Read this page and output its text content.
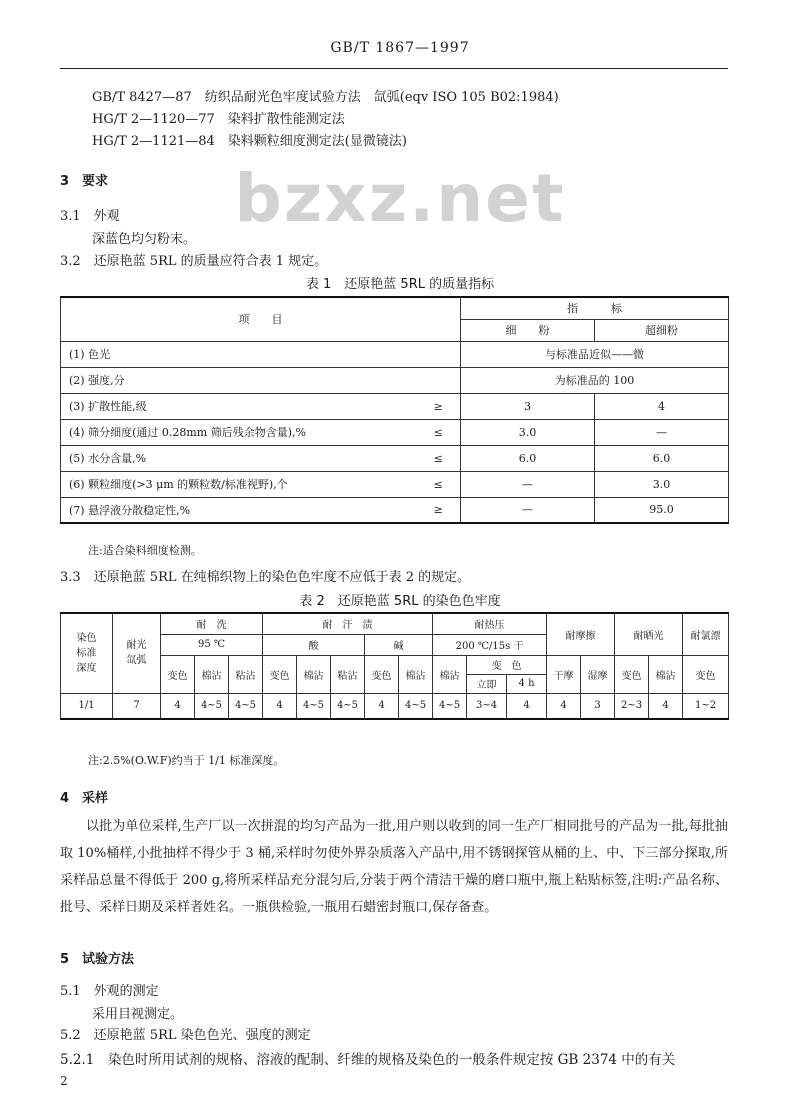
GB/T 1867—1997
GB/T 8427—87　纺织品耐光色牢度试验方法　氙弧(eqv ISO 105 B02:1984)
HG/T 2—1120—77　染料扩散性能测定法
HG/T 2—1121—84　染料颗粒细度测定法(显微镜法)
bzxz.net
3　要求
3.1　外观
深蓝色均匀粉末。
3.2　还原艳蓝 5RL 的质量应符合表 1 规定。
表 1　还原艳蓝 5RL 的质量指标
项　　目		指　　　标	
		细　　粉	超细粉
(1) 色光		与标准品近似——微	
(2) 强度,分		为标准品的 100	
(3) 扩散性能,级	≥	3	4
(4) 筛分细度(通过 0.28mm 筛后残余物含量),%	≤	3.0	—
(5) 水分含量,%	≤	6.0	6.0
(6) 颗粒细度(>3 μm 的颗粒数/标准视野),个	≤	—	3.0
(7) 悬浮液分散稳定性,%	≥	—	95.0
注:适合染料细度检测。
3.3　还原艳蓝 5RL 在纯棉织物上的染色色牢度不应低于表 2 的规定。
表 2　还原艳蓝 5RL 的染色色牢度
染色
标准
深度	耐光
氙弧	耐　洗			耐　汗　渍					耐热压			耐摩擦		耐晒光		耐氯漂
		95 ℃			酸			碱		200 ℃/15s 干							
		变色	棉沾	粘沾	变色	棉沾	粘沾	变色	棉沾	棉沾	变　色		干摩	湿摩	变色	棉沾	变色
											立即	4 h					
1/1	7	4	4~5	4~5	4	4~5	4~5	4	4~5	4~5	3~4	4	4	3	2~3	4	1~2
注:2.5%(O.W.F)约当于 1/1 标准深度。
4　采样

以批为单位采样,生产厂以一次拼混的均匀产品为一批,用户则以收到的同一生产厂相同批号的产品为一批,每批抽取 10%桶样,小批抽样不得少于 3 桶,采样时勿使外界杂质落入产品中,用不锈钢探管从桶的上、中、下三部分探取,所采样品总量不得低于 200 g,将所采样品充分混匀后,分装于两个清洁干燥的磨口瓶中,瓶上粘贴标签,注明:产品名称、批号、采样日期及采样者姓名。一瓶供检验,一瓶用石蜡密封瓶口,保存备查。

5　试验方法
5.1　外观的测定
采用目视测定。
5.2　还原艳蓝 5RL 染色色光、强度的测定
5.2.1　染色时所用试剂的规格、溶液的配制、纤维的规格及染色的一般条件规定按 GB 2374 中的有关
2
